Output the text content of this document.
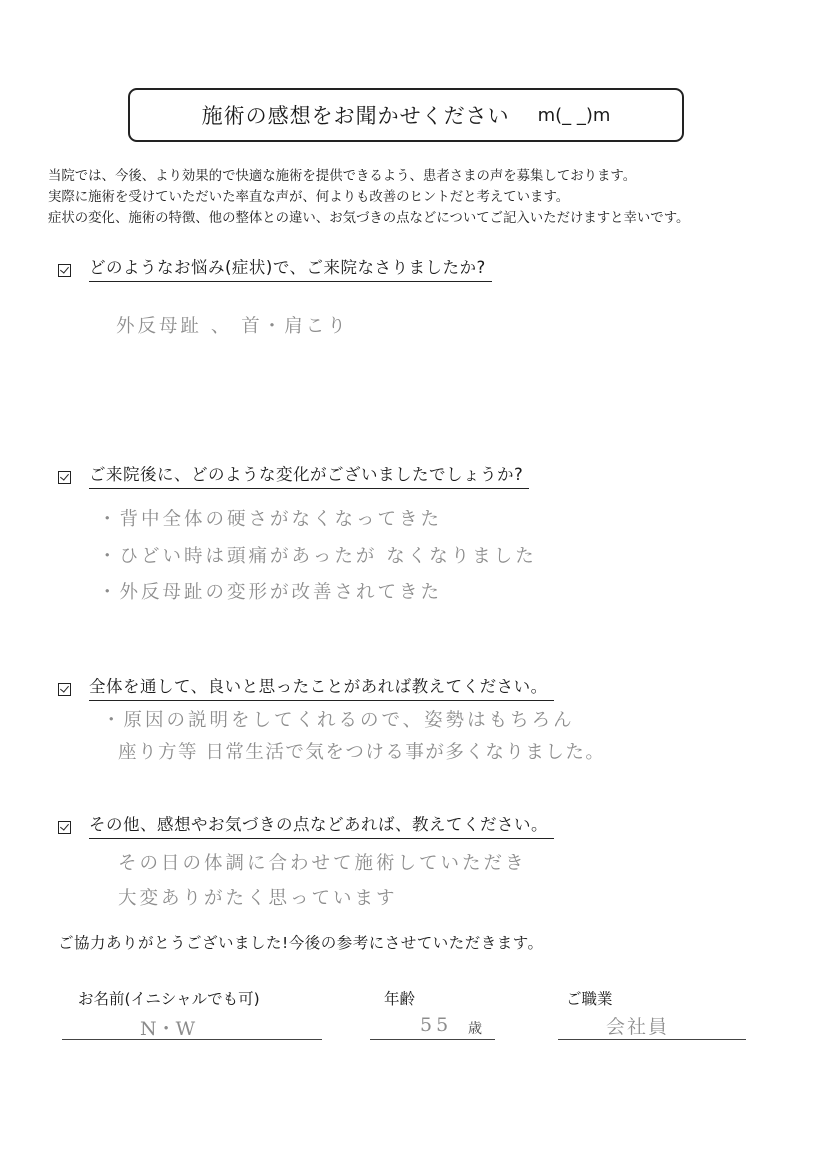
施術の感想をお聞かせください m(_ _)m
当院では、今後、より効果的で快適な施術を提供できるよう、患者さまの声を募集しております。
実際に施術を受けていただいた率直な声が、何よりも改善のヒントだと考えています。
症状の変化、施術の特徴、他の整体との違い、お気づきの点などについてご記入いただけますと幸いです。
どのようなお悩み(症状)で、ご来院なさりましたか?
外反母趾 、 首・肩こり
ご来院後に、どのような変化がございましたでしょうか?
・背中全体の硬さがなくなってきた
・ひどい時は頭痛があったが なくなりました
・外反母趾の変形が改善されてきた
全体を通して、良いと思ったことがあれば教えてください。
・原因の説明をしてくれるので、姿勢はもちろん
座り方等 日常生活で気をつける事が多くなりました。
その他、感想やお気づきの点などあれば、教えてください。
その日の体調に合わせて施術していただき
大変ありがたく思っています
ご協力ありがとうございました!今後の参考にさせていただきます。
お名前(イニシャルでも可)
N・W
年齢
55 歳
ご職業
会社員
